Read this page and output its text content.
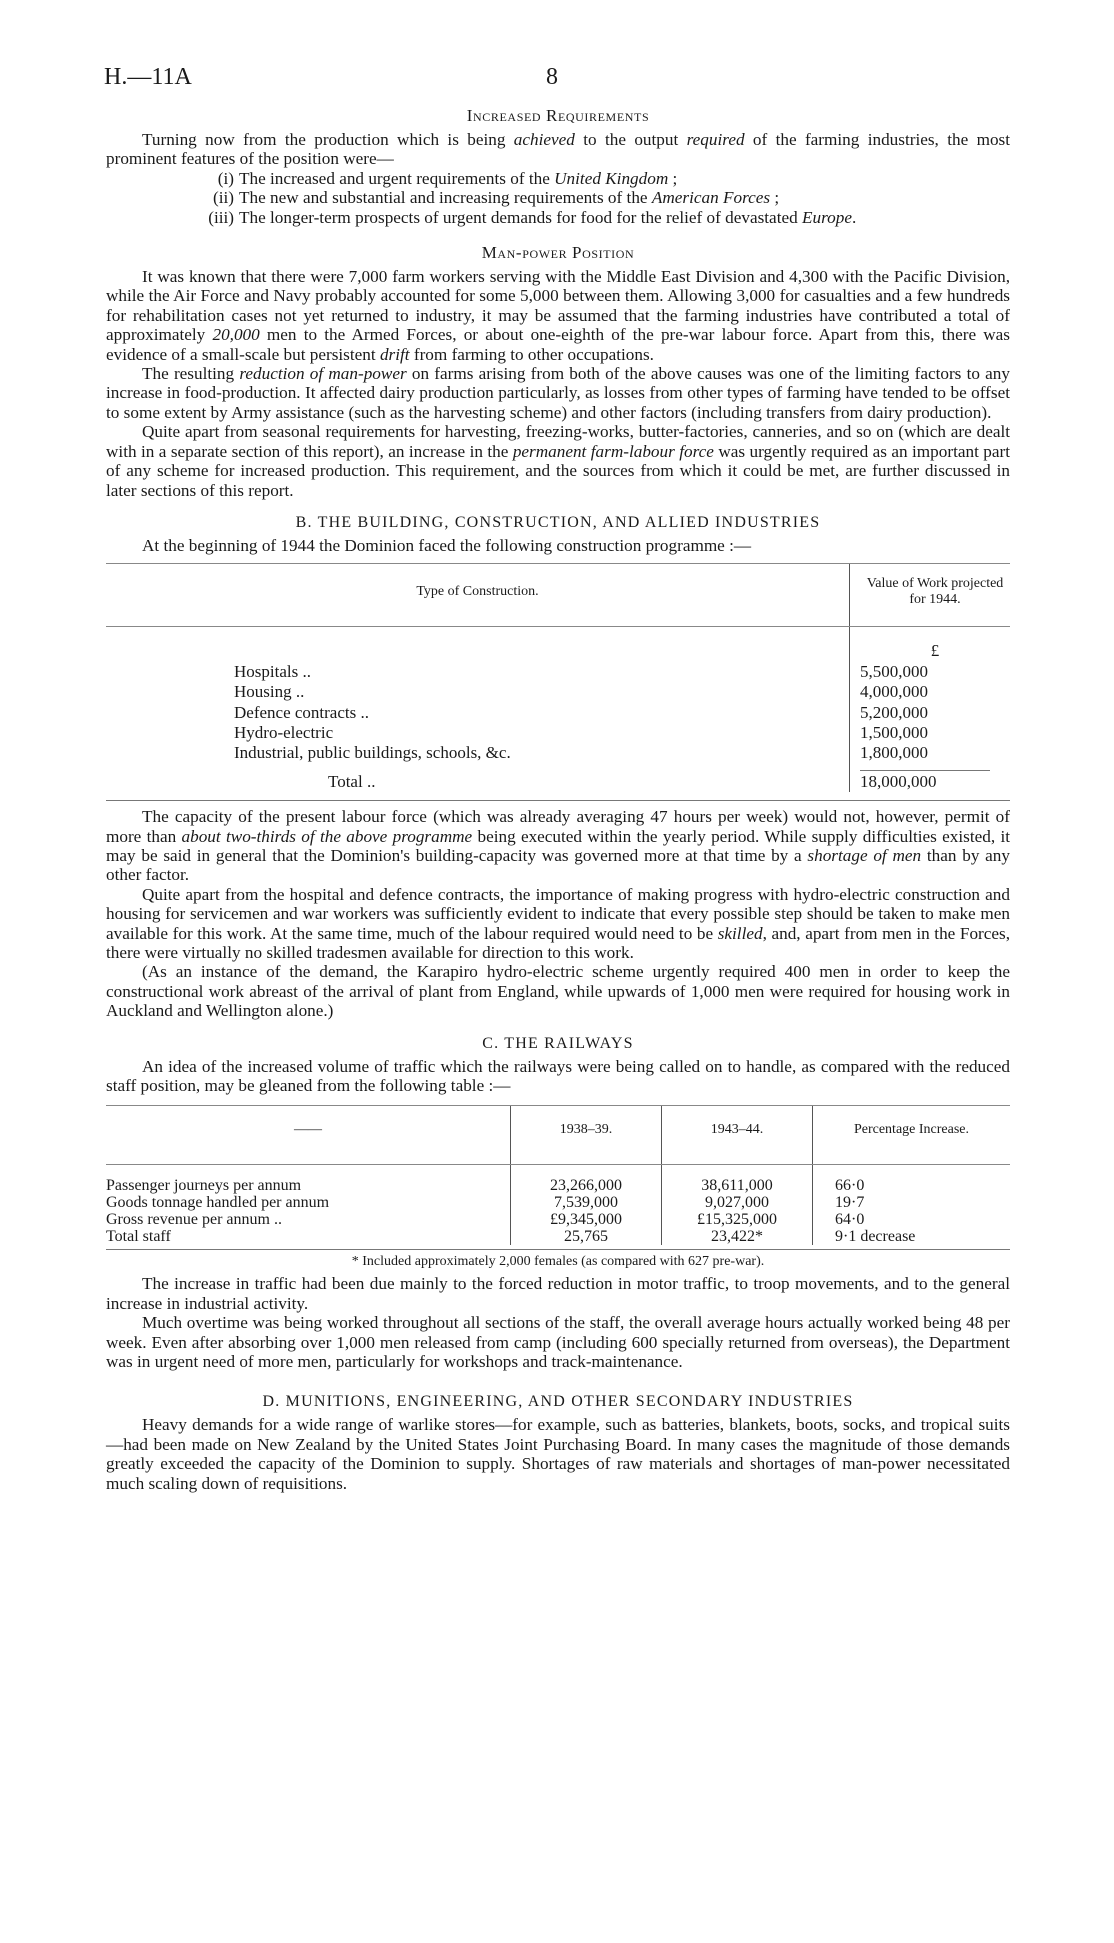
H.—11A	8
Increased Requirements

Turning now from the production which is being achieved to the output required of the farming industries, the most prominent features of the position were—

(i) The increased and urgent requirements of the United Kingdom ;
(ii) The new and substantial and increasing requirements of the American Forces ;
(iii) The longer-term prospects of urgent demands for food for the relief of devastated Europe.
Man-power Position

It was known that there were 7,000 farm workers serving with the Middle East Division and 4,300 with the Pacific Division, while the Air Force and Navy probably accounted for some 5,000 between them. Allowing 3,000 for casualties and a few hundreds for rehabilitation cases not yet returned to industry, it may be assumed that the farming industries have contributed a total of approximately 20,000 men to the Armed Forces, or about one-eighth of the pre-war labour force. Apart from this, there was evidence of a small-scale but persistent drift from farming to other occupations.

The resulting reduction of man-power on farms arising from both of the above causes was one of the limiting factors to any increase in food-production. It affected dairy production particularly, as losses from other types of farming have tended to be offset to some extent by Army assistance (such as the harvesting scheme) and other factors (including transfers from dairy production).

Quite apart from seasonal requirements for harvesting, freezing-works, butter-factories, canneries, and so on (which are dealt with in a separate section of this report), an increase in the permanent farm-labour force was urgently required as an important part of any scheme for increased production. This requirement, and the sources from which it could be met, are further discussed in later sections of this report.

B. THE BUILDING, CONSTRUCTION, AND ALLIED INDUSTRIES

At the beginning of 1944 the Dominion faced the following construction programme :—

Type of Construction.	Value of Work projected for 1944.

	£
Hospitals ..	5,500,000
Housing ..	4,000,000
Defence contracts ..	5,200,000
Hydro-electric	1,500,000
Industrial, public buildings, schools, &c.	1,800,000

Total ..	18,000,000

The capacity of the present labour force (which was already averaging 47 hours per week) would not, however, permit of more than about two-thirds of the above programme being executed within the yearly period. While supply difficulties existed, it may be said in general that the Dominion's building-capacity was governed more at that time by a shortage of men than by any other factor.

Quite apart from the hospital and defence contracts, the importance of making progress with hydro-electric construction and housing for servicemen and war workers was sufficiently evident to indicate that every possible step should be taken to make men available for this work. At the same time, much of the labour required would need to be skilled, and, apart from men in the Forces, there were virtually no skilled tradesmen available for direction to this work.

(As an instance of the demand, the Karapiro hydro-electric scheme urgently required 400 men in order to keep the constructional work abreast of the arrival of plant from England, while upwards of 1,000 men were required for housing work in Auckland and Wellington alone.)

C. THE RAILWAYS

An idea of the increased volume of traffic which the railways were being called on to handle, as compared with the reduced staff position, may be gleaned from the following table :—

——	1938–39.	1943–44.	Percentage Increase.

Passenger journeys per annum	23,266,000	38,611,000	66·0
Goods tonnage handled per annum	7,539,000	9,027,000	19·7
Gross revenue per annum ..	£9,345,000	£15,325,000	64·0
Total staff	25,765	23,422*	9·1 decrease
* Included approximately 2,000 females (as compared with 627 pre-war).

The increase in traffic had been due mainly to the forced reduction in motor traffic, to troop movements, and to the general increase in industrial activity.

Much overtime was being worked throughout all sections of the staff, the overall average hours actually worked being 48 per week. Even after absorbing over 1,000 men released from camp (including 600 specially returned from overseas), the Department was in urgent need of more men, particularly for workshops and track-maintenance.

D. MUNITIONS, ENGINEERING, AND OTHER SECONDARY INDUSTRIES

Heavy demands for a wide range of warlike stores—for example, such as batteries, blankets, boots, socks, and tropical suits—had been made on New Zealand by the United States Joint Purchasing Board. In many cases the magnitude of those demands greatly exceeded the capacity of the Dominion to supply. Shortages of raw materials and shortages of man-power necessitated much scaling down of requisitions.
